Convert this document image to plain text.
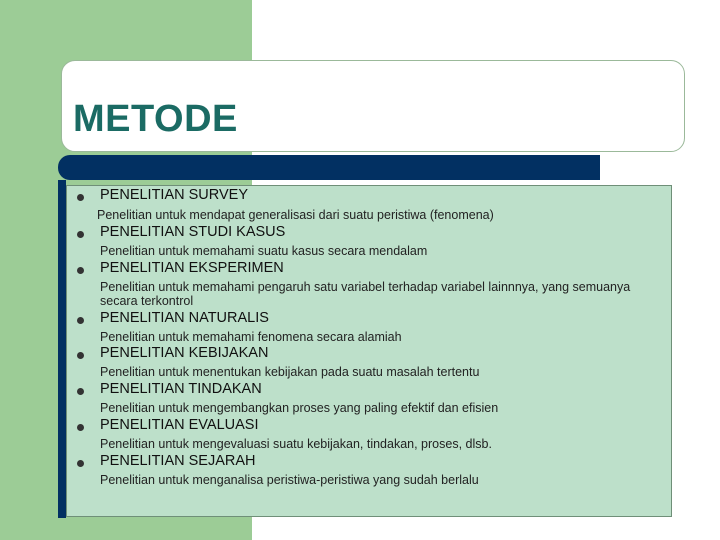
METODE
PENELITIAN SURVEY
Penelitian untuk mendapat generalisasi dari suatu peristiwa (fenomena)
PENELITIAN STUDI KASUS
Penelitian untuk memahami suatu kasus secara mendalam
PENELITIAN EKSPERIMEN
Penelitian untuk memahami pengaruh satu variabel terhadap variabel lainnnya, yang semuanya secara terkontrol
PENELITIAN NATURALIS
Penelitian untuk memahami fenomena secara alamiah
PENELITIAN KEBIJAKAN
Penelitian untuk menentukan kebijakan pada suatu masalah tertentu
PENELITIAN TINDAKAN
Penelitian untuk mengembangkan proses yang paling efektif dan efisien
PENELITIAN EVALUASI
Penelitian untuk mengevaluasi suatu kebijakan, tindakan, proses, dlsb.
PENELITIAN SEJARAH
Penelitian untuk menganalisa peristiwa-peristiwa yang sudah berlalu
